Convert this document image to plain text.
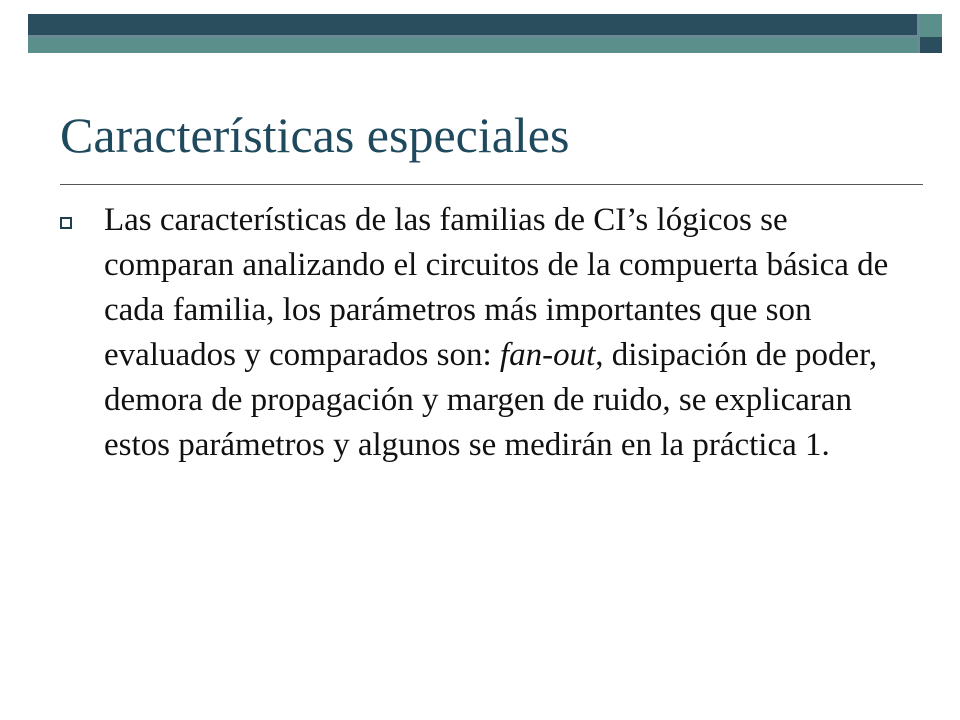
Características especiales

Las características de las familias de CI’s lógicos se comparan analizando el circuitos de la compuerta básica de cada familia, los parámetros más importantes que son evaluados y comparados son: fan-out, disipación de poder, demora de propagación y margen de ruido, se explicaran estos parámetros y algunos se medirán en la práctica 1.
